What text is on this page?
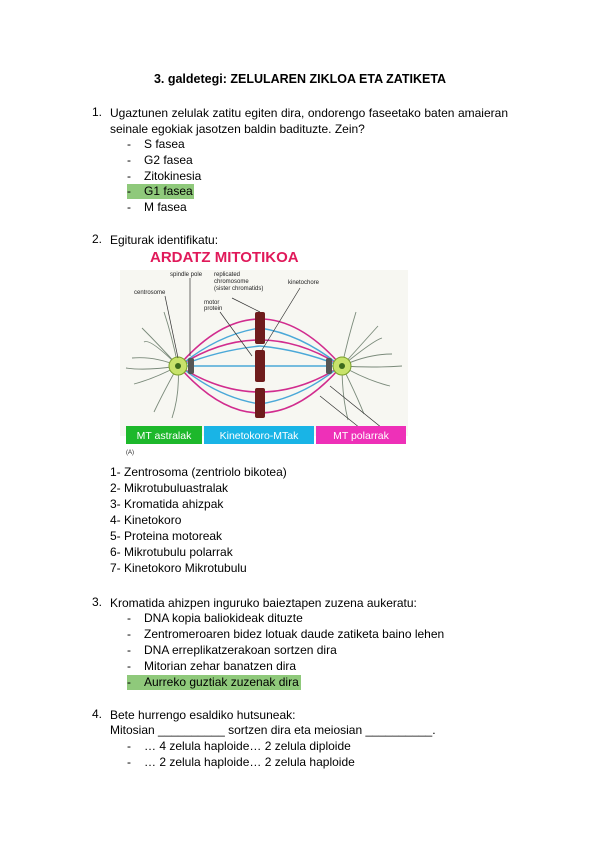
3. galdetegi: ZELULAREN ZIKLOA ETA ZATIKETA
1. Ugaztunen zelulak zatitu egiten dira, ondorengo faseetako baten amaieran seinale egokiak jasotzen baldin badituzte. Zein?
- S fasea
- G2 fasea
- Zitokinesia
- G1 fasea
- M fasea
2. Egiturak identifikatu:
ARDATZ MITOTIKOA
spindle pole replicated
chromosome
(sister chromatids)
kinetochore
centrosome
motor
protein
MT astralak	Kinetokoro-MTak	MT polarrak
(A)
1- Zentrosoma (zentriolo bikotea)
2- Mikrotubuluastralak
3- Kromatida ahizpak
4- Kinetokoro
5- Proteina motoreak
6- Mikrotubulu polarrak
7- Kinetokoro Mikrotubulu
3. Kromatida ahizpen inguruko baieztapen zuzena aukeratu:
- DNA kopia baliokideak dituzte
- Zentromeroaren bidez lotuak daude zatiketa baino lehen
- DNA erreplikatzerakoan sortzen dira
- Mitorian zehar banatzen dira
- Aurreko guztiak zuzenak dira
4. Bete hurrengo esaldiko hutsuneak:
Mitosian __________ sortzen dira eta meiosian __________.
- … 4 zelula haploide… 2 zelula diploide
- … 2 zelula haploide… 2 zelula haploide
